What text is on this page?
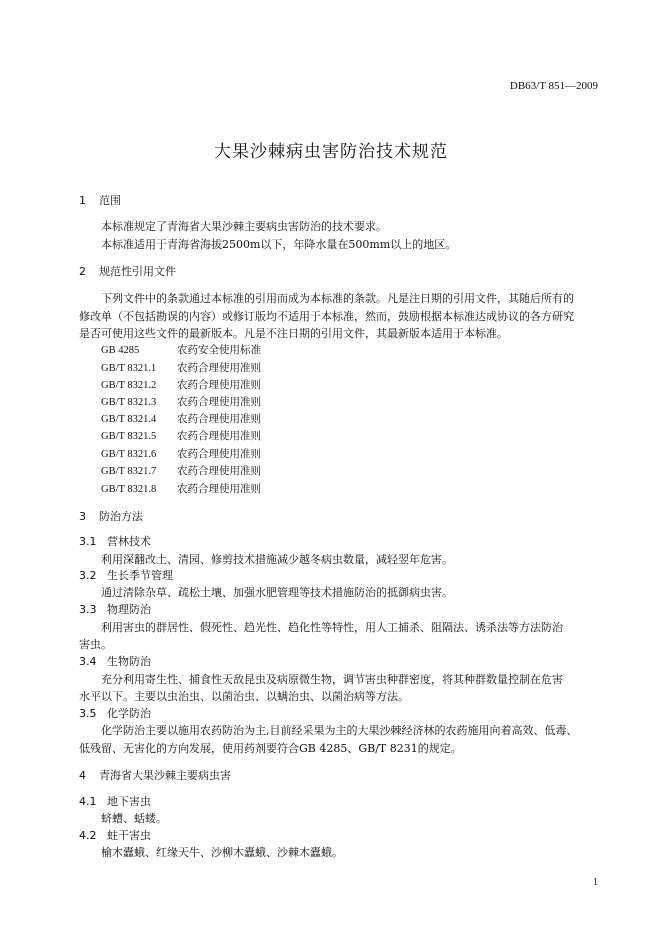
DB63/T 851—2009
大果沙棘病虫害防治技术规范
1 范围
本标准规定了青海省大果沙棘主要病虫害防治的技术要求。
本标准适用于青海省海拔2500m以下，年降水量在500mm以上的地区。
2 规范性引用文件
下列文件中的条款通过本标准的引用而成为本标准的条款。凡是注日期的引用文件，其随后所有的
修改单（不包括勘误的内容）或修订版均不适用于本标准，然而，鼓励根据本标准达成协议的各方研究
是否可使用这些文件的最新版本。凡是不注日期的引用文件，其最新版本适用于本标准。
GB 4285	农药安全使用标准
GB/T 8321.1 农药合理使用准则
GB/T 8321.2 农药合理使用准则
GB/T 8321.3 农药合理使用准则
GB/T 8321.4 农药合理使用准则
GB/T 8321.5 农药合理使用准则
GB/T 8321.6 农药合理使用准则
GB/T 8321.7 农药合理使用准则
GB/T 8321.8 农药合理使用准则
3 防治方法
3.1 营林技术
利用深翻改土、清园、修剪技术措施减少越冬病虫数量，减轻翌年危害。
3.2 生长季节管理
通过清除杂草、疏松土壤、加强水肥管理等技术措施防治的抵御病虫害。
3.3 物理防治
利用害虫的群居性、假死性、趋光性、趋化性等特性，用人工捕杀、阻隔法、诱杀法等方法防治
害虫。
3.4 生物防治
充分利用寄生性、捕食性天敌昆虫及病原微生物，调节害虫种群密度，将其种群数量控制在危害
水平以下。主要以虫治虫、以菌治虫、以螨治虫、以菌治病等方法。
3.5 化学防治
化学防治主要以施用农药防治为主,目前经采果为主的大果沙棘经济林的农药施用向着高效、低毒、
低残留、无害化的方向发展，使用药剂要符合GB 4285、GB/T 8231的规定。
4 青海省大果沙棘主要病虫害
4.1 地下害虫
蛴螬、蛞蝼。
4.2 蛀干害虫
榆木蠹蛾、红缘天牛、沙柳木蠹蛾、沙棘木蠹蛾。
1
